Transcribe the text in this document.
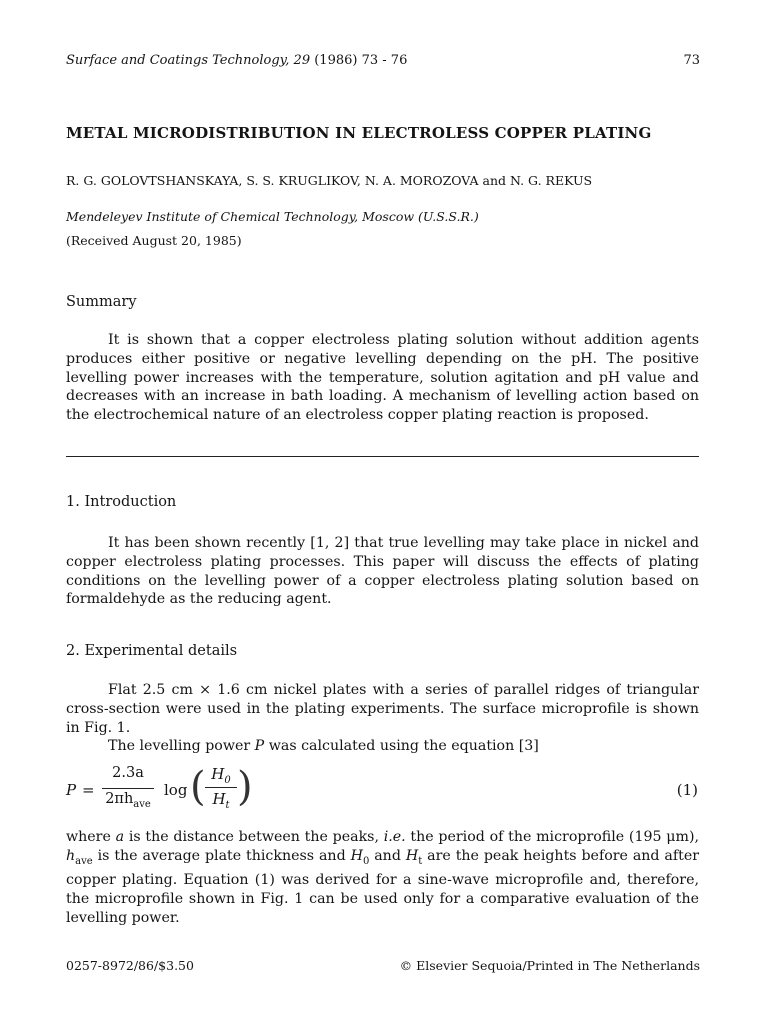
Surface and Coatings Technology, 29 (1986) 73 - 76	73
METAL MICRODISTRIBUTION IN ELECTROLESS COPPER PLATING
R. G. GOLOVTSHANSKAYA, S. S. KRUGLIKOV, N. A. MOROZOVA and N. G. REKUS
Mendeleyev Institute of Chemical Technology, Moscow (U.S.S.R.)
(Received August 20, 1985)
Summary

It is shown that a copper electroless plating solution without addition agents produces either positive or negative levelling depending on the pH. The positive levelling power increases with the temperature, solution agitation and pH value and decreases with an increase in bath loading. A mechanism of levelling action based on the electrochemical nature of an electroless copper plating reaction is proposed.

1. Introduction

It has been shown recently [1, 2] that true levelling may take place in nickel and copper electroless plating processes. This paper will discuss the effects of plating conditions on the levelling power of a copper electroless plating solution based on formaldehyde as the reducing agent.

2. Experimental details

Flat 2.5 cm × 1.6 cm nickel plates with a series of parallel ridges of triangular cross-section were used in the plating experiments. The surface microprofile is shown in Fig. 1.

The levelling power P was calculated using the equation [3]

P =
2.3a
$2\pi h_{ave}$
log ( $H_0$
$H_t$ )	(1)

where a is the distance between the peaks, i.e. the period of the microprofile (195 μm), $h_{ave}$ is the average plate thickness and $H_0$ and $H_t$ are the peak heights before and after copper plating. Equation (1) was derived for a sine-wave microprofile and, therefore, the microprofile shown in Fig. 1 can be used only for a comparative evaluation of the levelling power.

0257-8972/86/$3.50	© Elsevier Sequoia/Printed in The Netherlands
